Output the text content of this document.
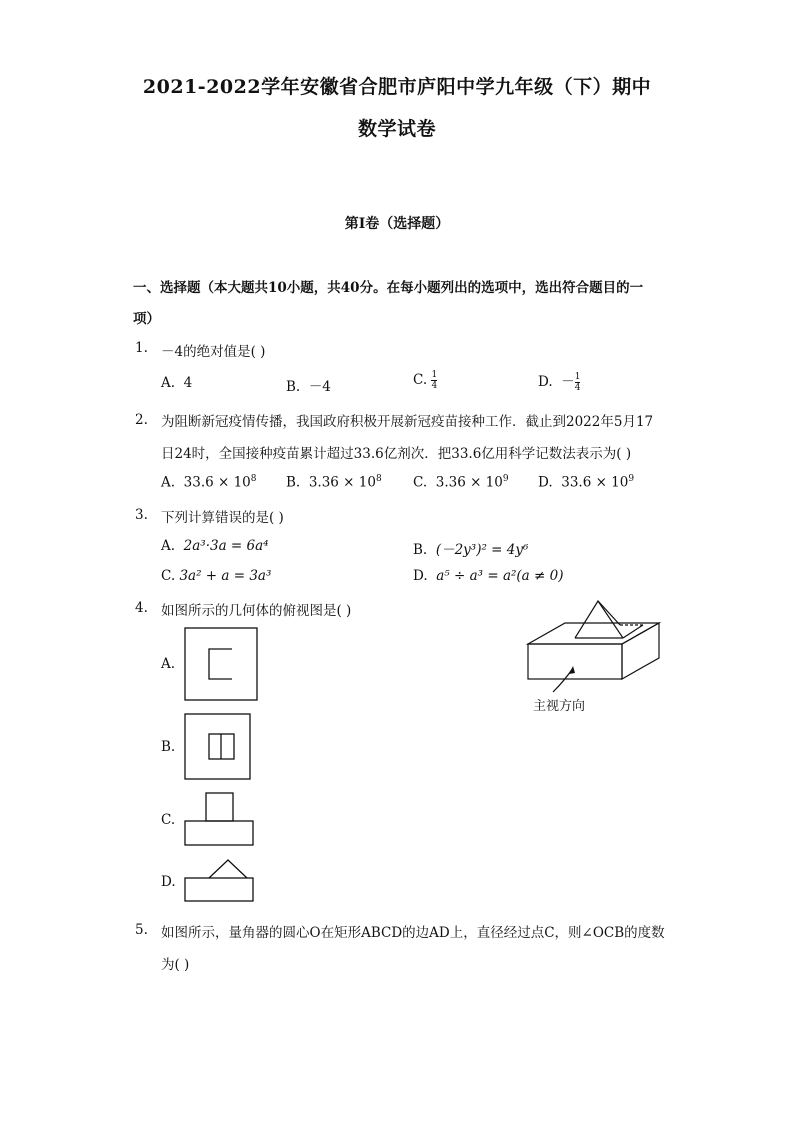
2021-2022学年安徽省合肥市庐阳中学九年级（下）期中
数学试卷
第I卷（选择题）
一、选择题（本大题共10小题，共40分。在每小题列出的选项中，选出符合题目的一
项）
1. －4的绝对值是( )
A. 4	B. －4	C. $\frac{1}{4}$	D. － $\frac{1}{4}$
2. 为阻断新冠疫情传播，我国政府积极开展新冠疫苗接种工作．截止到2022年5月17
日24时，全国接种疫苗累计超过33.6亿剂次．把33.6亿用科学记数法表示为( )
A. $33.6 \times 10^8$ B. $3.36 \times 10^8$ C. $3.36 \times 10^9$ D. $33.6 \times 10^9$
3. 下列计算错误的是( )
A. 2a³·3a = 6a⁴	B. (－2y³)² = 4y⁶
C. 3a² + a = 3a³	D. a⁵ ÷ a³ = a²(a ≠ 0)
4. 如图所示的几何体的俯视图是( )
A.
B.
C.
D.
主视方向
5. 如图所示，量角器的圆心O在矩形ABCD的边AD上，直径经过点C，则∠OCB的度数
为( )
